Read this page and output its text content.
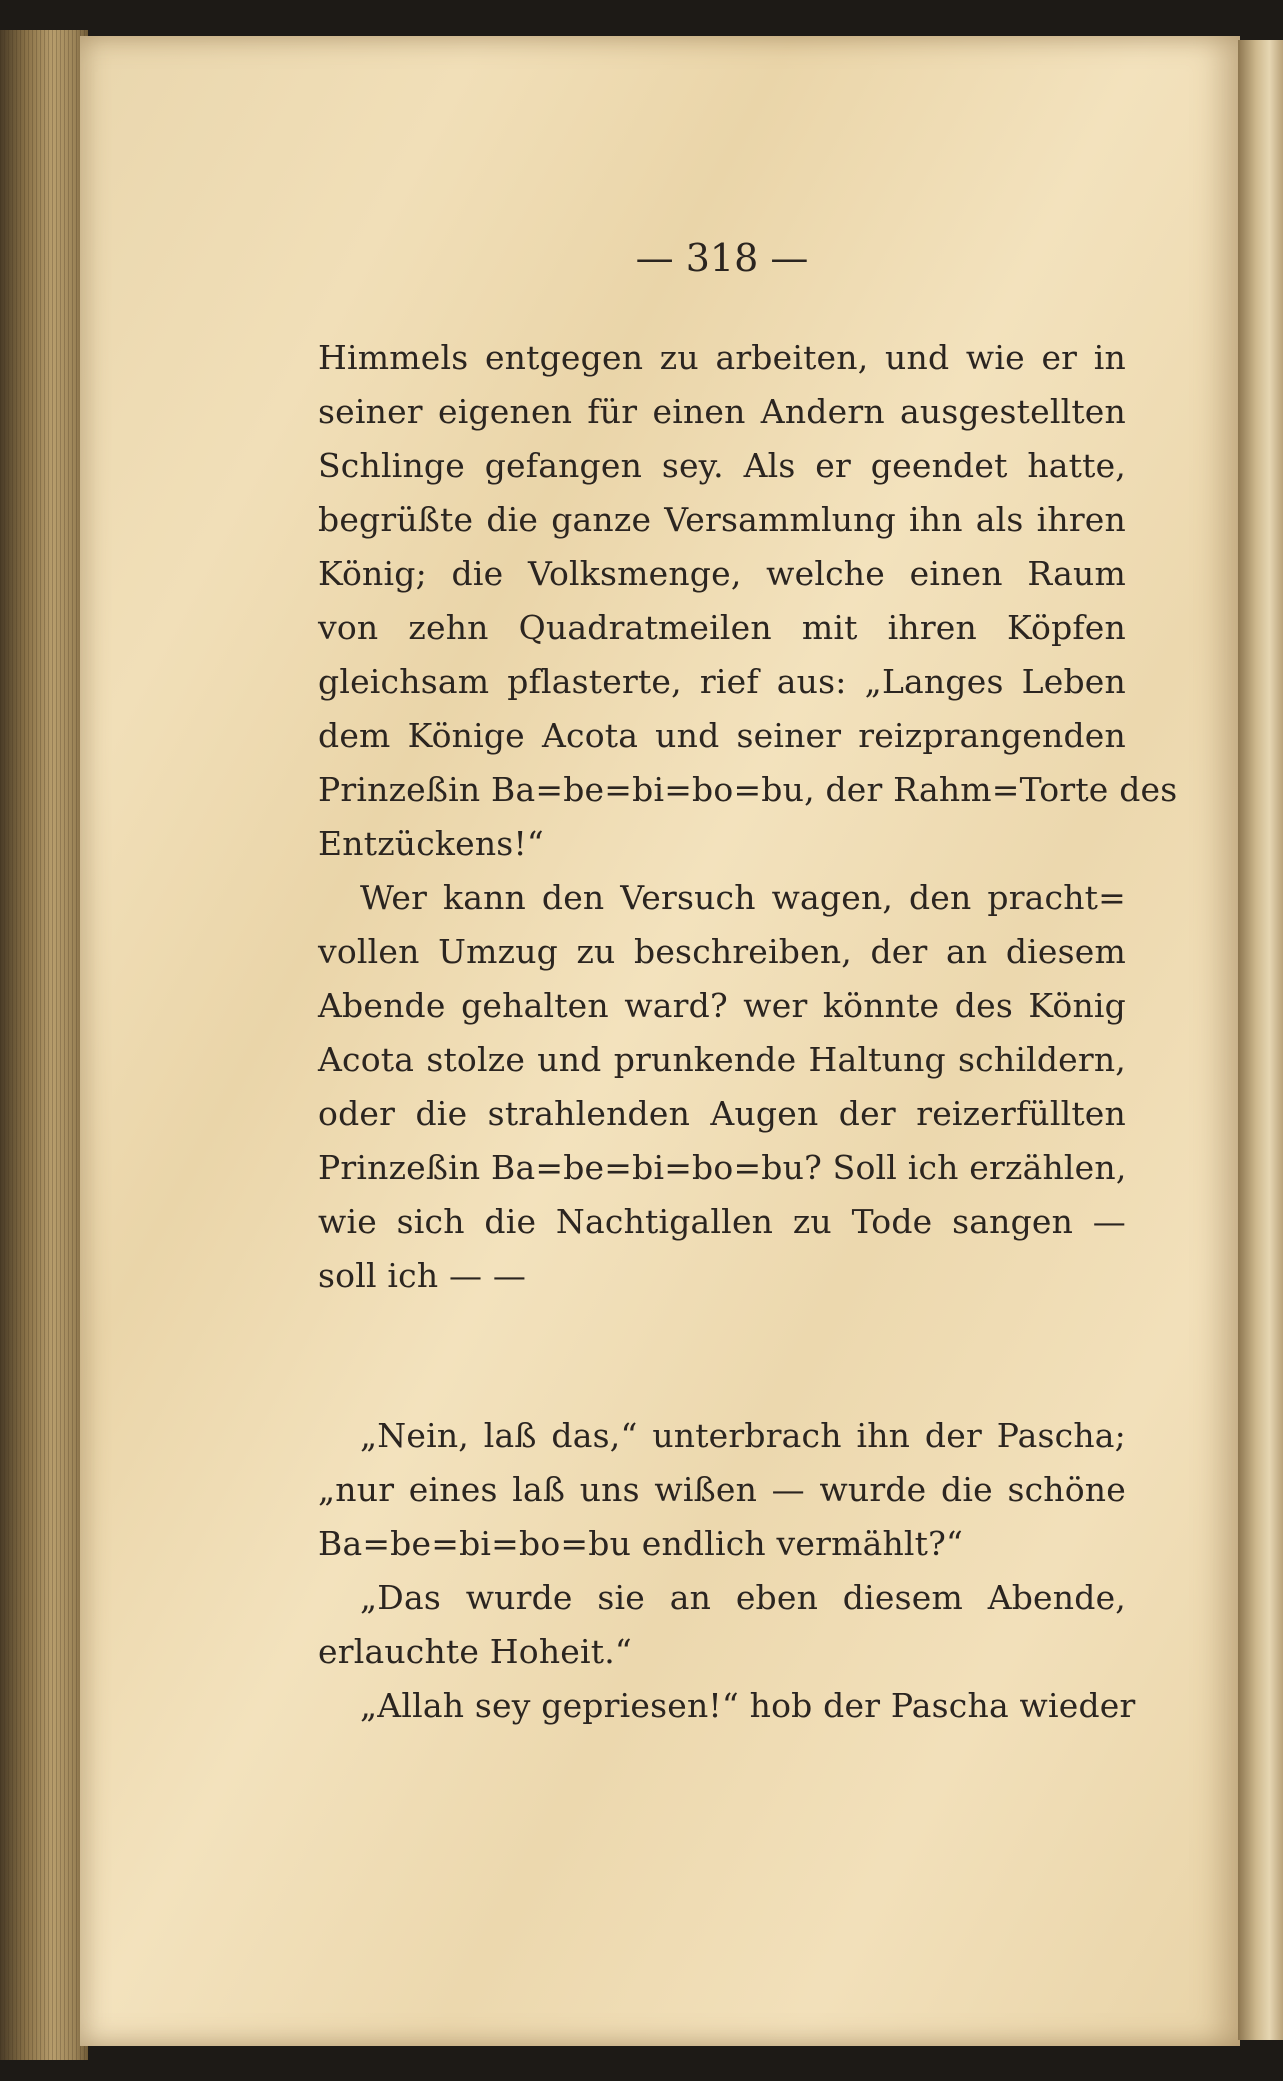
— 318 —
Himmels entgegen zu arbeiten, und wie er in
seiner eigenen für einen Andern ausgestellten
Schlinge gefangen sey. Als er geendet hatte,
begrüßte die ganze Versammlung ihn als ihren
König; die Volksmenge, welche einen Raum
von zehn Quadratmeilen mit ihren Köpfen
gleichsam pflasterte, rief aus: „Langes Leben
dem Könige Acota und seiner reizprangenden
Prinzeßin Ba=be=bi=bo=bu, der Rahm=Torte des
Entzückens!“
Wer kann den Versuch wagen, den pracht=
vollen Umzug zu beschreiben, der an diesem
Abende gehalten ward? wer könnte des König
Acota stolze und prunkende Haltung schildern,
oder die strahlenden Augen der reizerfüllten
Prinzeßin Ba=be=bi=bo=bu? Soll ich erzählen,
wie sich die Nachtigallen zu Tode sangen —
soll ich — —
„Nein, laß das,“ unterbrach ihn der Pascha;
„nur eines laß uns wißen — wurde die schöne
Ba=be=bi=bo=bu endlich vermählt?“
„Das wurde sie an eben diesem Abende,
erlauchte Hoheit.“
„Allah sey gepriesen!“ hob der Pascha wieder
